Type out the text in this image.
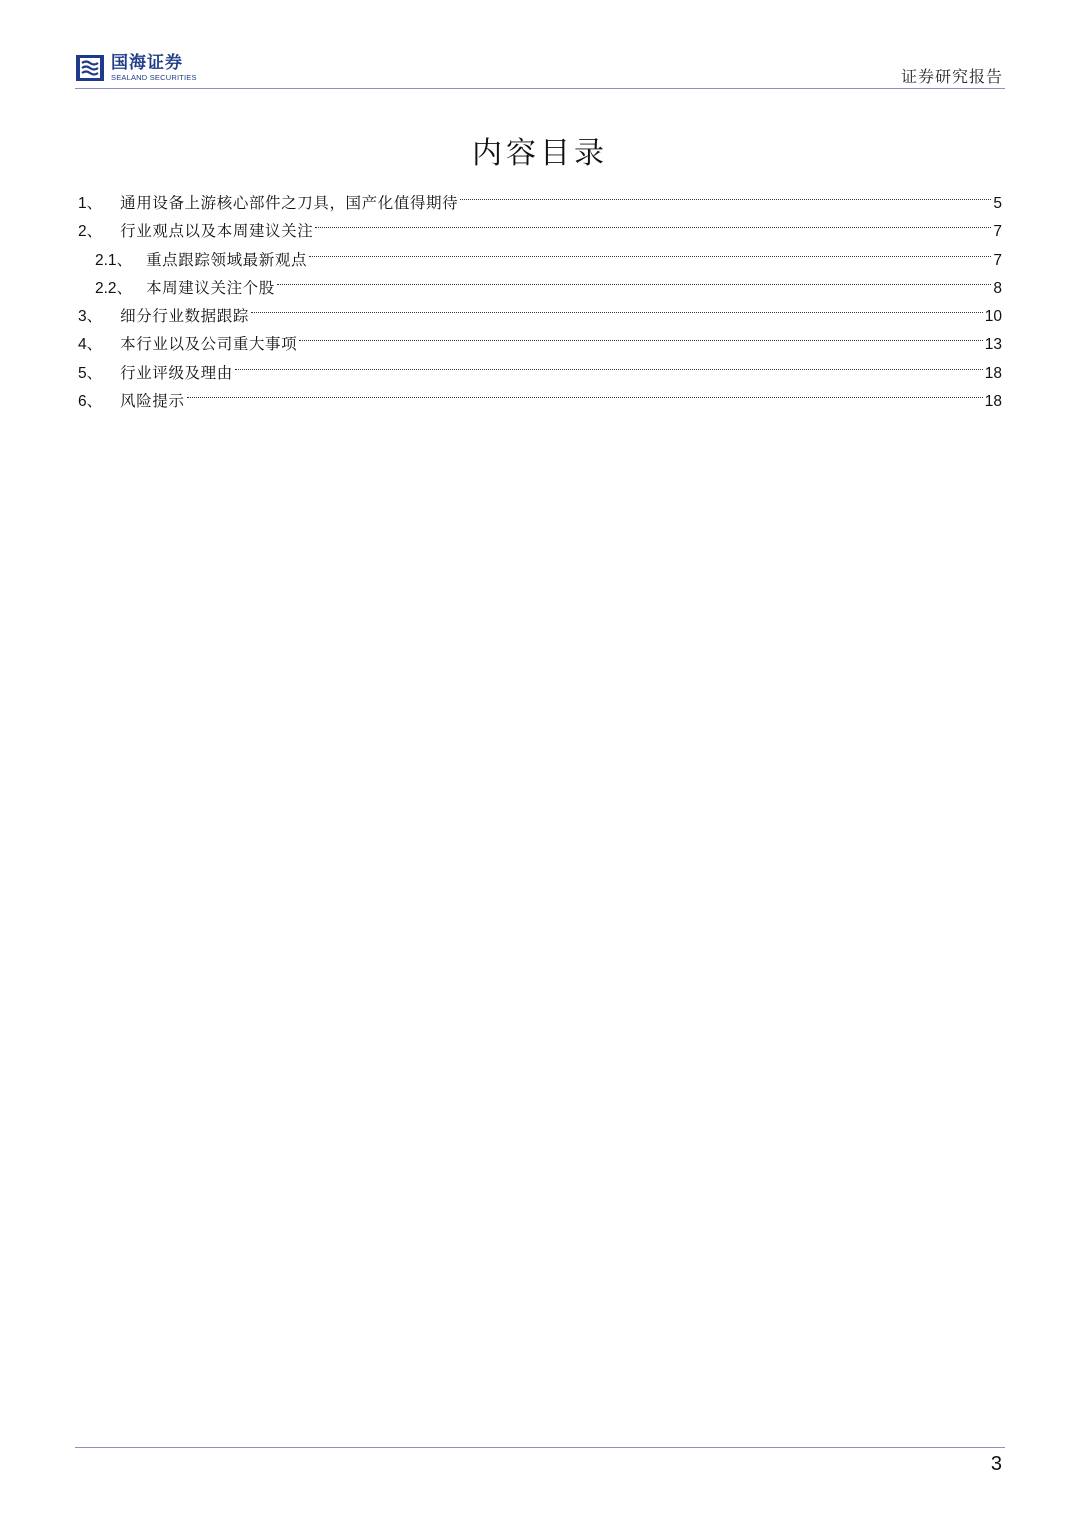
国海证券
SEALAND SECURITIES	证券研究报告
内容目录
1 、 通用设备上游核心部件之刀具，国产化值得期待	5
2 、 行业观点以及本周建议关注	7
2.1 、 重点跟踪领域最新观点	7
2.2 、 本周建议关注个股	8
3 、 细分行业数据跟踪	10
4 、 本行业以及公司重大事项	13
5 、 行业评级及理由	18
6 、 风险提示	18
3
